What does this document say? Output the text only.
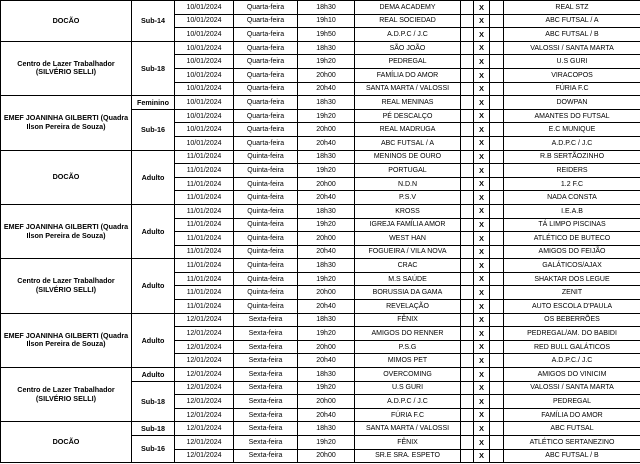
DOCÃO	Sub-14	10/01/2024	Quarta-feira	18h30	DEMA ACADEMY		X		REAL STZ
		10/01/2024	Quarta-feira	19h10	REAL SOCIEDAD		X		ABC FUTSAL / A
		10/01/2024	Quarta-feira	19h50	A.D.P.C / J.C		X		ABC FUTSAL / B
Centro de Lazer Trabalhador (SILVÉRIO SELLI)	Sub-18	10/01/2024	Quarta-feira	18h30	SÃO JOÃO		X		VALOSSI / SANTA MARTA
		10/01/2024	Quarta-feira	19h20	PEDREGAL		X		U.S GURI
		10/01/2024	Quarta-feira	20h00	FAMÍLIA DO AMOR		X		VIRACOPOS
		10/01/2024	Quarta-feira	20h40	SANTA MARTA / VALOSSI		X		FÚRIA F.C
EMEF JOANINHA GILBERTI (Quadra Ilson Pereira de Souza)	Feminino	10/01/2024	Quarta-feira	18h30	REAL MENINAS		X		DOWPAN
	Sub-16	10/01/2024	Quarta-feira	19h20	PÉ DESCALÇO		X		AMANTES DO FUTSAL
		10/01/2024	Quarta-feira	20h00	REAL MADRUGA		X		E.C MUNIQUE
		10/01/2024	Quarta-feira	20h40	ABC FUTSAL / A		X		A.D.P.C / J.C
DOCÃO	Adulto	11/01/2024	Quinta-feira	18h30	MENINOS DE OURO		X		R.B SERTÃOZINHO
		11/01/2024	Quinta-feira	19h20	PORTUGAL		X		REIDERS
		11/01/2024	Quinta-feira	20h00	N.D.N		X		1.2 F.C
		11/01/2024	Quinta-feira	20h40	P.S.V		X		NADA CONSTA
EMEF JOANINHA GILBERTI (Quadra Ilson Pereira de Souza)	Adulto	11/01/2024	Quinta-feira	18h30	KROSS		X		I.E.A.B
		11/01/2024	Quinta-feira	19h20	IGREJA FAMÍLIA AMOR		X		TÁ LIMPO PISCINAS
		11/01/2024	Quinta-feira	20h00	WEST HAN		X		ATLÉTICO DE BUTECO
		11/01/2024	Quinta-feira	20h40	FOGUEIRA / VILA NOVA		X		AMIGOS DO FEIJÃO
Centro de Lazer Trabalhador (SILVÉRIO SELLI)	Adulto	11/01/2024	Quinta-feira	18h30	CRAC		X		GALÁTICOS/AJAX
		11/01/2024	Quinta-feira	19h20	M.S SAÚDE		X		SHAKTAR DOS LEGUE
		11/01/2024	Quinta-feira	20h00	BORUSSIA DA GAMA		X		ZENIT
		11/01/2024	Quinta-feira	20h40	REVELAÇÃO		X		AUTO ESCOLA D'PAULA
EMEF JOANINHA GILBERTI (Quadra Ilson Pereira de Souza)	Adulto	12/01/2024	Sexta-feira	18h30	FÊNIX		X		OS BEBERRÕES
		12/01/2024	Sexta-feira	19h20	AMIGOS DO RENNER		X		PEDREGAL/AM. DO BABIDI
		12/01/2024	Sexta-feira	20h00	P.S.G		X		RED BULL GALÁTICOS
		12/01/2024	Sexta-feira	20h40	MIMOS PET		X		A.D.P.C./ J.C
Centro de Lazer Trabalhador (SILVÉRIO SELLI)	Adulto	12/01/2024	Sexta-feira	18h30	OVERCOMING		X		AMIGOS DO VINICIM
	Sub-18	12/01/2024	Sexta-feira	19h20	U.S GURI		X		VALOSSI / SANTA MARTA
		12/01/2024	Sexta-feira	20h00	A.D.P.C / J.C		X		PEDREGAL
		12/01/2024	Sexta-feira	20h40	FÚRIA F.C		X		FAMÍLIA DO AMOR
DOCÃO	Sub-18	12/01/2024	Sexta-feira	18h30	SANTA MARTA / VALOSSI		X		ABC FUTSAL
	Sub-16	12/01/2024	Sexta-feira	19h20	FÊNIX		X		ATLÉTICO SERTANEZINO
		12/01/2024	Sexta-feira	20h00	SR.E SRA. ESPETO		X		ABC FUTSAL / B
